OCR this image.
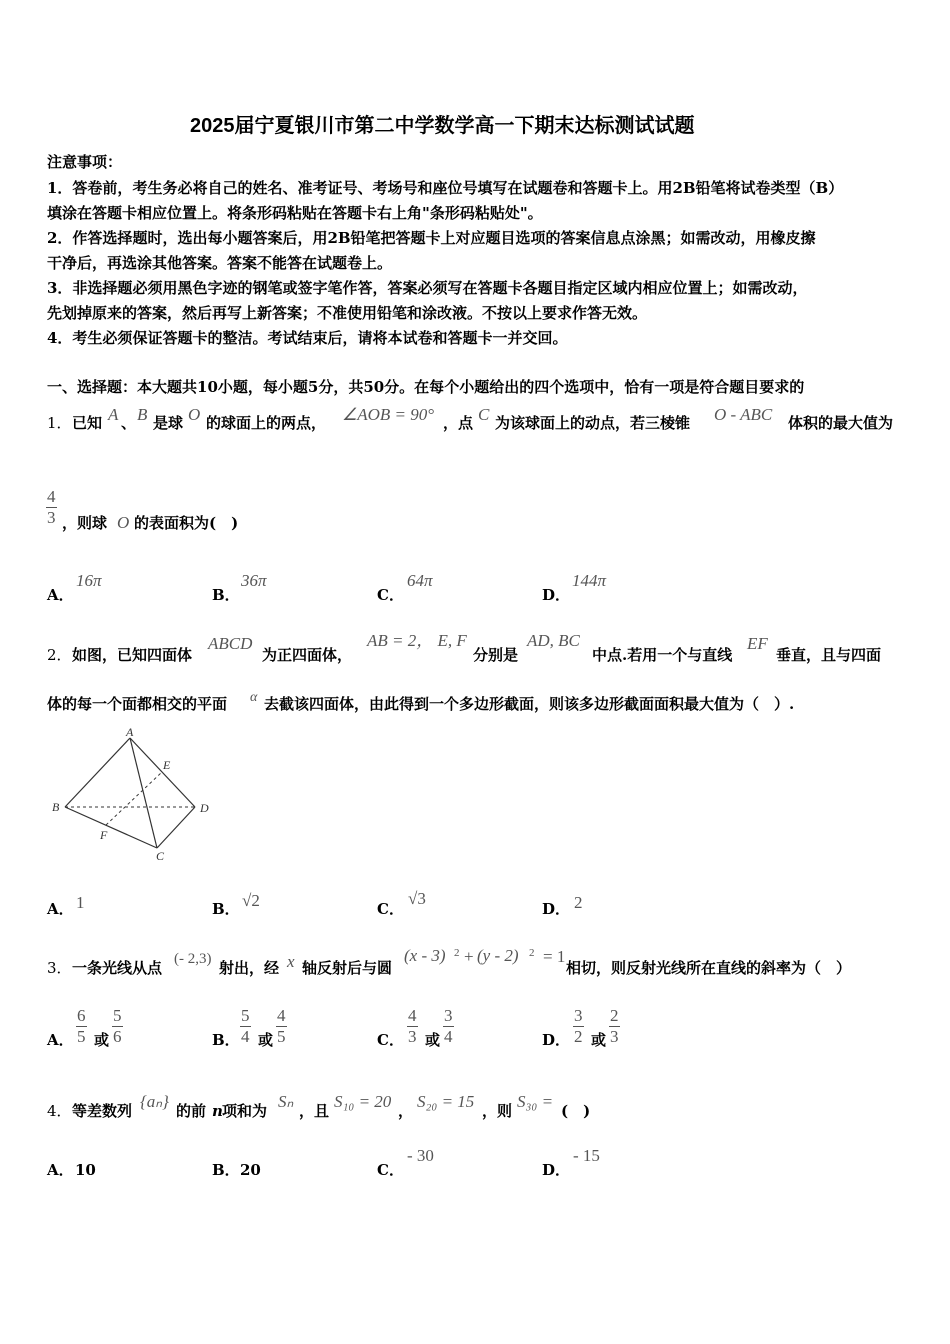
2025届宁夏银川市第二中学数学高一下期末达标测试试题
注意事项：
1．答卷前，考生务必将自己的姓名、准考证号、考场号和座位号填写在试题卷和答题卡上。用2B铅笔将试卷类型（B）
填涂在答题卡相应位置上。将条形码粘贴在答题卡右上角"条形码粘贴处"。
2．作答选择题时，选出每小题答案后，用2B铅笔把答题卡上对应题目选项的答案信息点涂黑；如需改动，用橡皮擦
干净后，再选涂其他答案。答案不能答在试题卷上。
3．非选择题必须用黑色字迹的钢笔或签字笔作答，答案必须写在答题卡各题目指定区域内相应位置上；如需改动，
先划掉原来的答案，然后再写上新答案；不准使用铅笔和涂改液。不按以上要求作答无效。
4．考生必须保证答题卡的整洁。考试结束后，请将本试卷和答题卡一并交回。
一、选择题：本大题共10小题，每小题5分，共50分。在每个小题给出的四个选项中，恰有一项是符合题目要求的
1． 已知 A 、 B 是球 O 的球面上的两点， ∠AOB = 90° ，点 C 为该球面上的动点，若三棱锥 O - ABC 体积的最大值为
$\frac{4}{3}$ ，则球 O 的表面积为(　)
A．
16π
B．
36π
C．
64π
D．
144π
2． 如图，已知四面体
ABCD
为正四面体，
AB = 2， E, F
分别是
AD, BC
中点.若用一个与直线
EF
垂直，且与四面
体的每一个面都相交的平面 α 去截该四面体，由此得到一个多边形截面，则该多边形截面面积最大值为（　）.
A
B
C
D
E
F
A． 1	B． √2	C．
√3
D． 2
3． 一条光线从点 (- 2,3) 射出，经 x 轴反射后与圆
(x - 3) 2 + (y - 2) 2 = 1
相切，则反射光线所在直线的斜率为（　）
A． $\frac{6}{5}$ 或 $\frac{5}{6}$	B． $\frac{5}{4}$ 或 $\frac{4}{5}$	C． $\frac{4}{3}$ 或 $\frac{3}{4}$	D． $\frac{3}{2}$ 或 $\frac{2}{3}$
4． 等差数列 {aₙ} 的前 n 项和为 Sₙ ，且 S₁₀ = 20 ， S₂₀ = 15 ，则 S₃₀ = (　)
A． 10	B． 20	C．
- 30
D．
- 15
